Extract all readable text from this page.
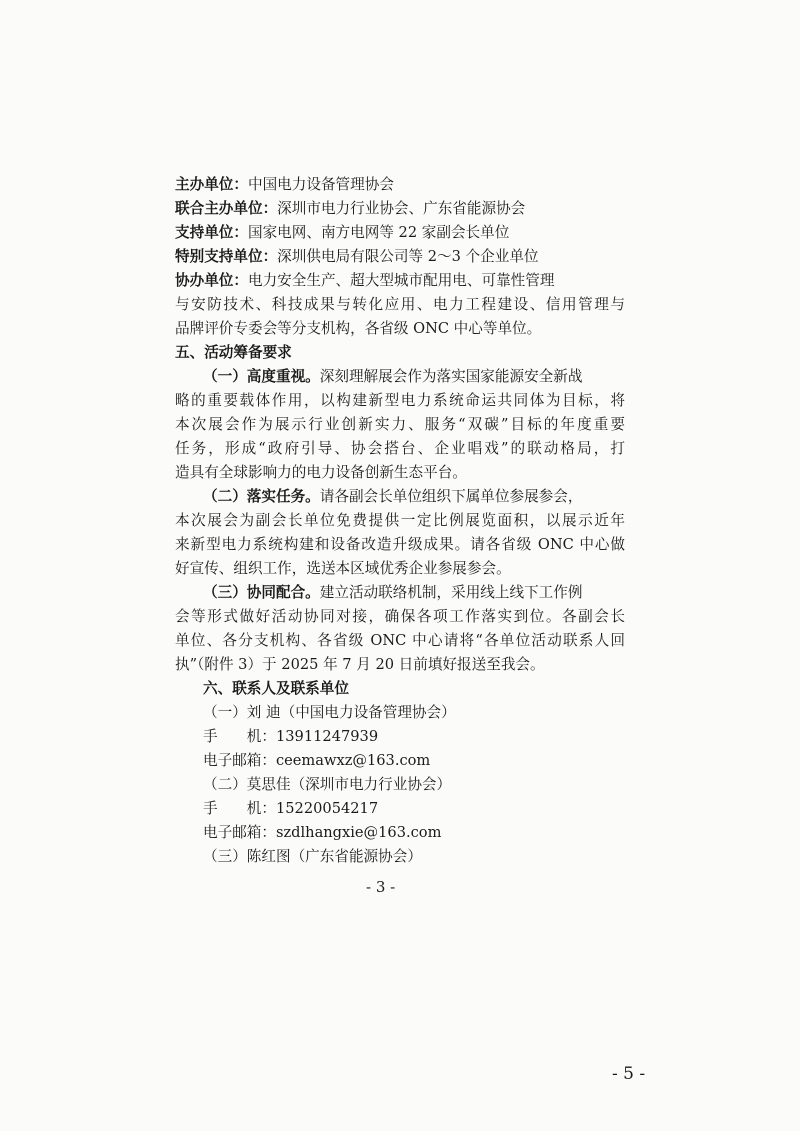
主办单位：中国电力设备管理协会
联合主办单位：深圳市电力行业协会、广东省能源协会
支持单位：国家电网、南方电网等 22 家副会长单位
特别支持单位：深圳供电局有限公司等 2～3 个企业单位
协办单位：电力安全生产、超大型城市配用电、可靠性管理
与安防技术、科技成果与转化应用、电力工程建设、信用管理与
品牌评价专委会等分支机构，各省级 ONC 中心等单位。
五、活动筹备要求
（一）高度重视。深刻理解展会作为落实国家能源安全新战
略的重要载体作用，以构建新型电力系统命运共同体为目标，将
本次展会作为展示行业创新实力、服务“双碳”目标的年度重要
任务，形成“政府引导、协会搭台、企业唱戏”的联动格局，打
造具有全球影响力的电力设备创新生态平台。
（二）落实任务。请各副会长单位组织下属单位参展参会，
本次展会为副会长单位免费提供一定比例展览面积，以展示近年
来新型电力系统构建和设备改造升级成果。请各省级 ONC 中心做
好宣传、组织工作，选送本区域优秀企业参展参会。
（三）协同配合。建立活动联络机制，采用线上线下工作例
会等形式做好活动协同对接，确保各项工作落实到位。各副会长
单位、各分支机构、各省级 ONC 中心请将“各单位活动联系人回
执”（附件 3）于 2025 年 7 月 20 日前填好报送至我会。
六、联系人及联系单位
（一）刘 迪（中国电力设备管理协会）
手　　机：13911247939
电子邮箱：ceemawxz@163.com
（二）莫思佳（深圳市电力行业协会）
手　　机：15220054217
电子邮箱：szdlhangxie@163.com
（三）陈红图（广东省能源协会）
- 3 -
- 5 -
